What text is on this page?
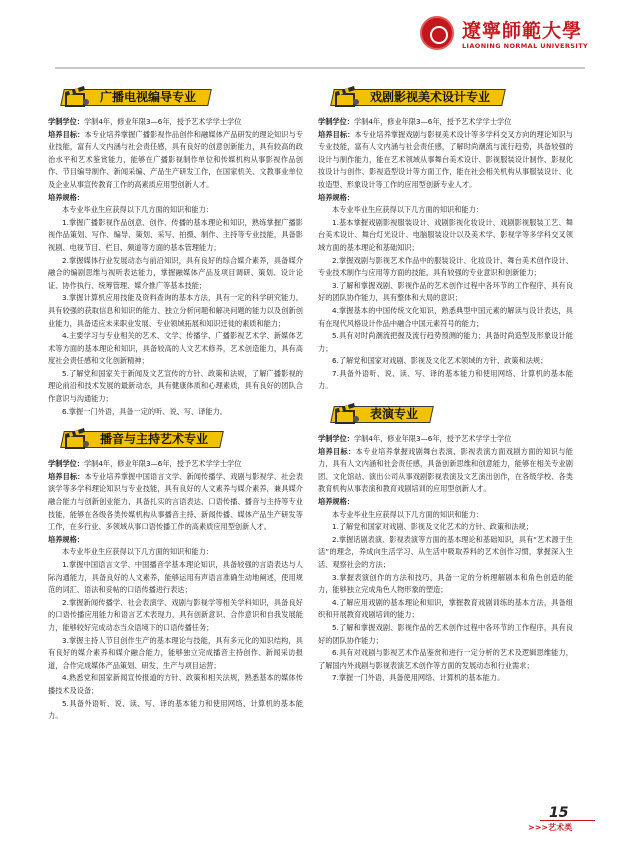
遼寧師範大學
LIAONING NORMAL UNIVERSITY
广播电视编导专业

学制学位：学制4年，修业年限3—6年，授予艺术学学士学位

培养目标：本专业培养掌握广播影视作品创作和融媒体产品研发的理论知识与专业技能，富有人文内涵与社会责任感，具有良好的创意创新能力，具有较高的政治水平和艺术鉴赏能力，能够在广播影视制作单位和传媒机构从事影视作品创作、节目编导制作、新闻采编、产品生产研发工作，在国家机关、文教事业单位及企业从事宣传教育工作的高素质应用型创新人才。

培养规格：

本专业毕业生应获得以下几方面的知识和能力：

1.掌握广播影视作品创意、创作、传播的基本理论和知识，熟练掌握广播影视作品策划、写作、编导、策划、采写、拍摄、制作、主持等专业技能，具备影视剧、电视节目、栏目、频道等方面的基本管理能力；

2.掌握媒体行业发展动态与前沿知识，具有良好的综合媒介素养，具备媒介融合的编剧思维与视听表达能力，掌握融媒体产品及项目调研、策划、设计论证、协作执行、统筹管理、媒介推广等基本技能；

3.掌握计算机应用技能及资料查询的基本方法，具有一定的科学研究能力，具有较强的获取信息和知识的能力、独立分析问题和解决问题的能力以及创新创业能力，具备适应未来职业发展、专业领域拓展和知识迁徙的素质和能力；

4.主要学习与专业相关的艺术、文学、传播学、广播影视艺术学、新媒体艺术等方面的基本理论和知识，具备较高的人文艺术修养，艺术创造能力，具有高度社会责任感和文化创新精神；

5.了解党和国家关于新闻及文艺宣传的方针、政策和法规，了解广播影视的理论前沿和技术发展的最新动态，具有健康体质和心理素质，具有良好的团队合作意识与沟通能力；

6.掌握一门外语，具备一定的听、说、写、译能力。

播音与主持艺术专业

学制学位：学制4年，修业年限3—6年，授予艺术学学士学位

培养目标：本专业培养掌握中国语言文学、新闻传播学、戏剧与影视学、社会表演学等多学科理论知识与专业技能，具有良好的人文素养与媒介素养，兼具媒介融合能力与创新创业能力，具备扎实的言语表达、口语传播、播音与主持等专业技能，能够在各级各类传媒机构从事播音主持、新闻传播、媒体产品生产研发等工作，在多行业、多领域从事口语传播工作的高素质应用型创新人才。

培养规格：

本专业毕业生应获得以下几方面的知识和能力：

1.掌握中国语言文学、中国播音学基本理论知识，具备较强的言语表达与人际沟通能力，具备良好的人文素养，能够运用有声语言准确生动地阐述，使用规范的词汇、语法和妥帖的口语传播进行表达；

2.掌握新闻传播学、社会表演学、戏剧与影视学等相关学科知识，具备良好的口语传播应用能力和语言艺术表现力，具有创新意识、合作意识和自我发展能力，能够较好完成动态当众语境下的口语传播任务；

3.掌握主持人节目创作生产的基本理论与技能，具有多元化的知识结构，具有良好的媒介素养和媒介融合能力，能够独立完成播音主持创作、新闻采访报道，合作完成媒体产品策划、研发、生产与项目运营；

4.熟悉党和国家新闻宣传报道的方针、政策和相关法规，熟悉基本的媒体传播技术及设备；

5.具备外语听、说、读、写、译的基本能力和使用网络、计算机的基本能力。

戏剧影视美术设计专业

学制学位：学制4年，修业年限3—6年，授予艺术学学士学位

培养目标：本专业培养掌握戏剧与影视美术设计等多学科交叉方向的理论知识与专业技能，富有人文内涵与社会责任感，了解时尚潮流与流行趋势，具备较强的设计与制作能力，能在艺术领域从事舞台美术设计、影视服装设计制作、影视化妆设计与创作、影视造型设计等方面工作，能在社会相关机构从事服装设计、化妆造型、形象设计等工作的应用型创新专业人才。

培养规格：

本专业毕业生应获得以下几方面的知识和能力：

1.基本掌握戏剧影视服装设计、戏剧影视化妆设计、戏剧影视服装工艺、舞台美术设计、舞台灯光设计、电脑服装设计以及美术学、影视学等多学科交叉领域方面的基本理论和基础知识；

2.掌握戏剧与影视艺术作品中的服装设计、化妆设计、舞台美术创作设计、专业技术制作与应用等方面的技能，具有较强的专业意识和创新能力；

3.了解和掌握戏剧、影视作品的艺术创作过程中各环节的工作程序，具有良好的团队协作能力，具有整体和大局的意识；

4.掌握基本的中国传统文化知识，熟悉典型中国元素的解读与设计表达，具有在现代风格设计作品中融合中国元素符号的能力；

5.具有对时尚潮流把握及流行趋势预测的能力；具备时尚造型及形象设计能力；

6.了解党和国家对戏剧、影视及文化艺术领域的方针、政策和法规；

7.具备外语听、说、读、写、译的基本能力和使用网络、计算机的基本能力。

表演专业

学制学位：学制4年，修业年限3—6年，授予艺术学学士学位

培养目标：本专业培养掌握戏剧舞台表演、影视表演方面戏剧方面的知识与能力，具有人文内涵和社会责任感，具备创新思维和创意能力，能够在相关专业剧团、文化馆站、演出公司从事戏剧影视表演及文艺演出创作，在各级学校、各类教育机构从事表演和教育戏剧培训的应用型创新人才。

培养规格：

本专业毕业生应获得以下几方面的知识和能力：

1.了解党和国家对戏剧、影视及文化艺术的方针、政策和法规；

2.掌握话剧表演、影视表演等方面的基本理论和基础知识，具有“艺术源于生活”的理念，养成向生活学习、从生活中吸取养料的艺术创作习惯，掌握深入生活、观察社会的方法；

3.掌握表演创作的方法和技巧，具备一定的分析理解剧本和角色创造的能力，能够独立完成角色人物形象的塑造；

4.了解应用戏剧的基本理论和知识，掌握教育戏剧训练的基本方法，具备组织和开展教育戏剧培训的能力；

5.了解和掌握戏剧、影视作品的艺术创作过程中各环节的工作程序，具有良好的团队协作能力；

6.具有对戏剧与影视艺术作品鉴赏和进行一定分析的艺术及逻辑思维能力，了解国内外戏剧与影视表演艺术创作等方面的发展动态和行业需求；

7.掌握一门外语，具备使用网络、计算机的基本能力。

15
>>>艺术类
